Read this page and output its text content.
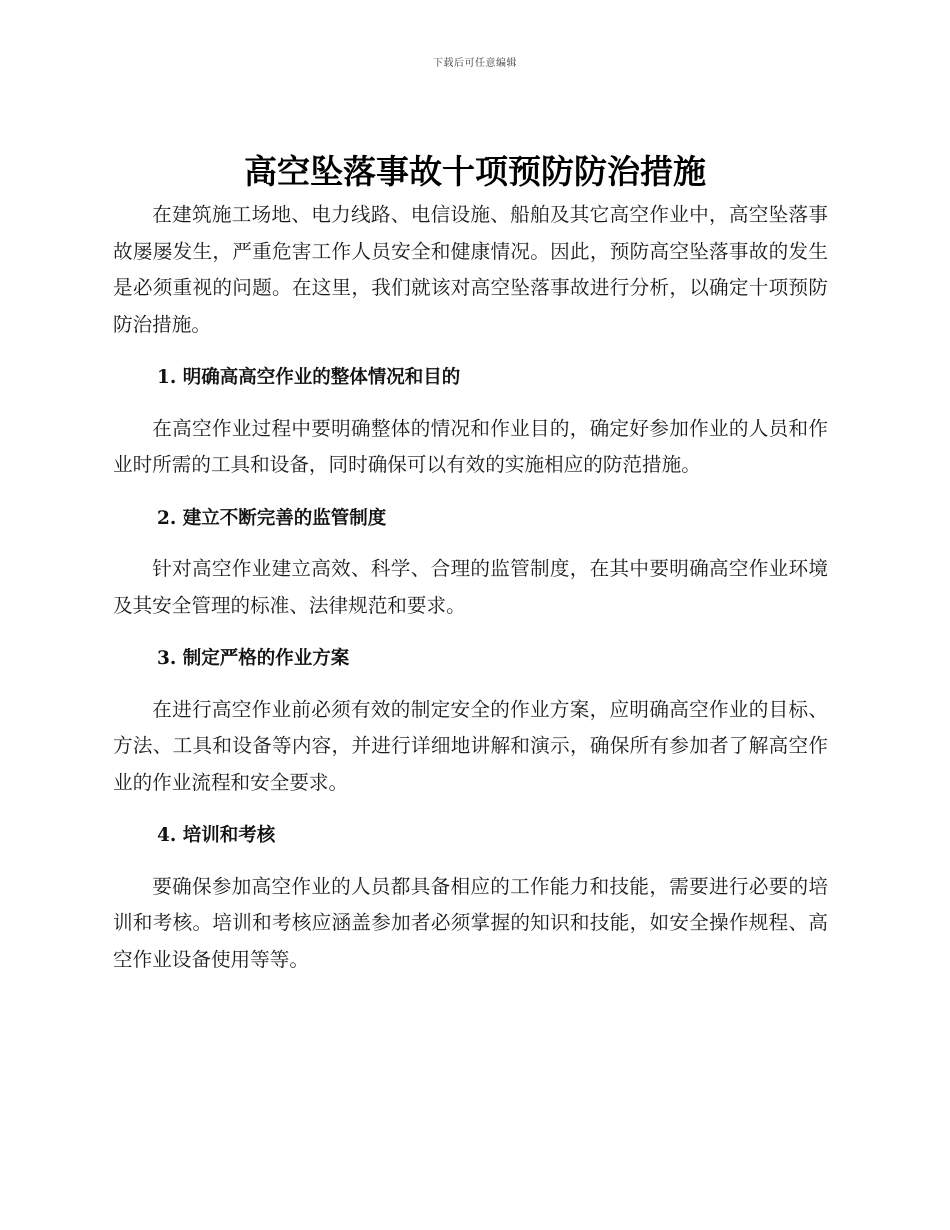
下载后可任意编辑
高空坠落事故十项预防防治措施

在建筑施工场地、电力线路、电信设施、船舶及其它高空作业中，高空坠落事故屡屡发生，严重危害工作人员安全和健康情况。因此，预防高空坠落事故的发生是必须重视的问题。在这里，我们就该对高空坠落事故进行分析，以确定十项预防防治措施。

1. 明确高高空作业的整体情况和目的

在高空作业过程中要明确整体的情况和作业目的，确定好参加作业的人员和作业时所需的工具和设备，同时确保可以有效的实施相应的防范措施。

2. 建立不断完善的监管制度

针对高空作业建立高效、科学、合理的监管制度，在其中要明确高空作业环境及其安全管理的标准、法律规范和要求。

3. 制定严格的作业方案

在进行高空作业前必须有效的制定安全的作业方案，应明确高空作业的目标、方法、工具和设备等内容，并进行详细地讲解和演示，确保所有参加者了解高空作业的作业流程和安全要求。

4. 培训和考核

要确保参加高空作业的人员都具备相应的工作能力和技能，需要进行必要的培训和考核。培训和考核应涵盖参加者必须掌握的知识和技能，如安全操作规程、高空作业设备使用等等。
